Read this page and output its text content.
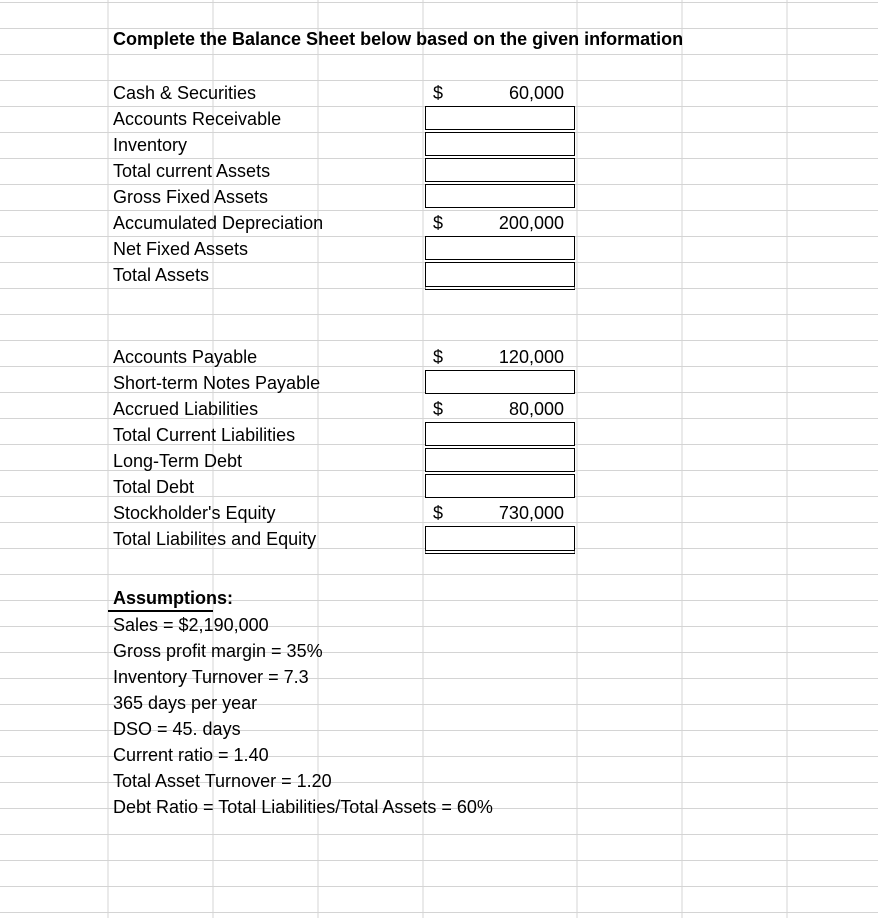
Complete the Balance Sheet below based on the given information
Cash & Securities	$	60,000
Accounts Receivable
Inventory
Total current Assets
Gross Fixed Assets
Accumulated Depreciation	$	200,000
Net Fixed Assets
Total Assets
Accounts Payable	$	120,000
Short-term Notes Payable
Accrued Liabilities	$	80,000
Total Current Liabilities
Long-Term Debt
Total Debt
Stockholder's Equity	$	730,000
Total Liabilites and Equity
Assumptions:
Sales = $2,190,000
Gross profit margin = 35%
Inventory Turnover = 7.3
365 days per year
DSO = 45. days
Current ratio = 1.40
Total Asset Turnover = 1.20
Debt Ratio = Total Liabilities/Total Assets = 60%
